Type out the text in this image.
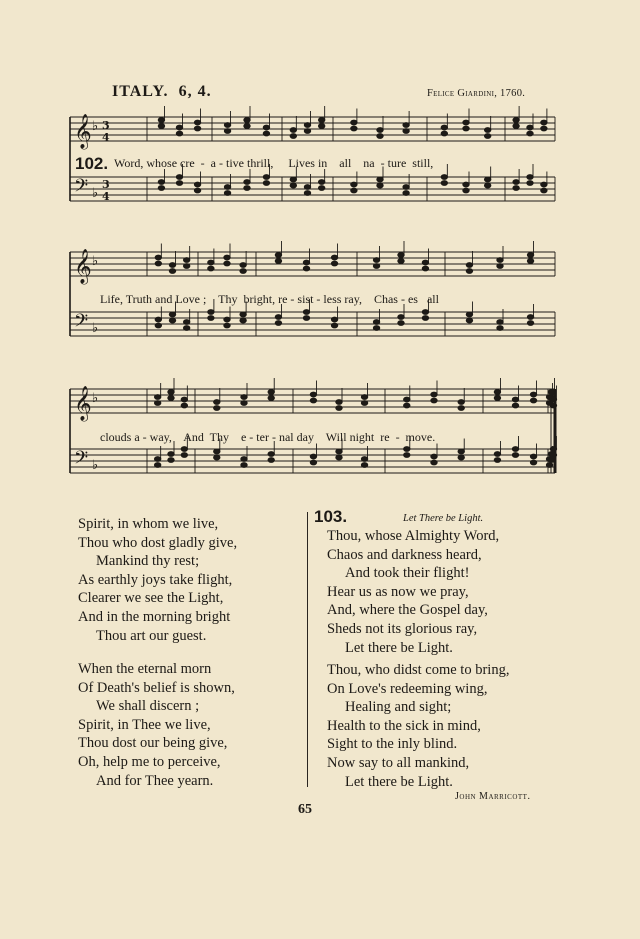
ITALY. 6, 4.	Felice Giardini, 1760.
𝄞
𝄢
♭
♭
3
4
3
4
𝄞
𝄢
♭
♭
𝄞
𝄢
♭
♭
102. Word, whose cre  -  a - tive thrill,     Lives in    all    na  - ture  still,
Life, Truth and Love ;    Thy  bright, re - sist - less ray,    Chas - es   all
clouds a - way,    And  Thy    e - ter - nal day    Will night  re  -  move.
Spirit, in whom we live,
Thou who dost gladly give,
Mankind thy rest;
As earthly joys take flight,
Clearer we see the Light,
And in the morning bright
Thou art our guest.
When the eternal morn
Of Death's belief is shown,
We shall discern ;
Spirit, in Thee we live,
Thou dost our being give,
Oh, help me to perceive,
And for Thee yearn.
103.	Let There be Light.
Thou, whose Almighty Word,
Chaos and darkness heard,
And took their flight!
Hear us as now we pray,
And, where the Gospel day,
Sheds not its glorious ray,
Let there be Light.
Thou, who didst come to bring,
On Love's redeeming wing,
Healing and sight;
Health to the sick in mind,
Sight to the inly blind.
Now say to all mankind,
Let there be Light.
John Marricott.
65
